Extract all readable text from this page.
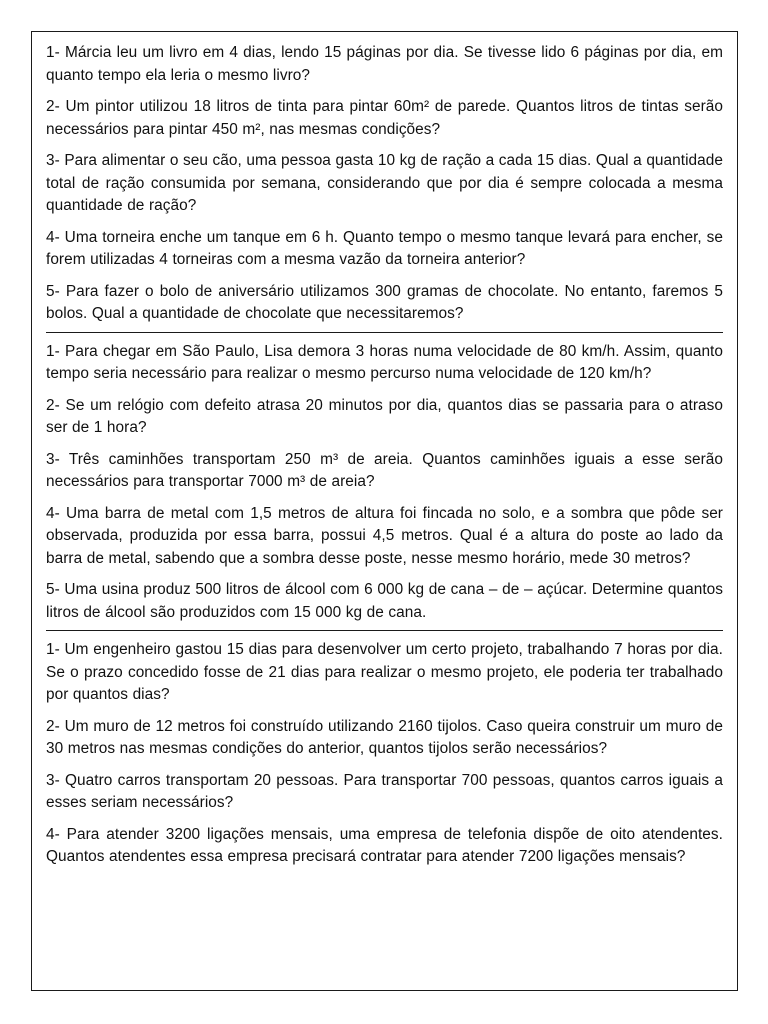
1- Márcia leu um livro em 4 dias, lendo 15 páginas por dia. Se tivesse lido 6 páginas por dia, em quanto tempo ela leria o mesmo livro?

2- Um pintor utilizou 18 litros de tinta para pintar 60m² de parede. Quantos litros de tintas serão necessários para pintar 450 m², nas mesmas condições?

3- Para alimentar o seu cão, uma pessoa gasta 10 kg de ração a cada 15 dias. Qual a quantidade total de ração consumida por semana, considerando que por dia é sempre colocada a mesma quantidade de ração?

4- Uma torneira enche um tanque em 6 h. Quanto tempo o mesmo tanque levará para encher, se forem utilizadas 4 torneiras com a mesma vazão da torneira anterior?

5- Para fazer o bolo de aniversário utilizamos 300 gramas de chocolate. No entanto, faremos 5 bolos. Qual a quantidade de chocolate que necessitaremos?

1- Para chegar em São Paulo, Lisa demora 3 horas numa velocidade de 80 km/h. Assim, quanto tempo seria necessário para realizar o mesmo percurso numa velocidade de 120 km/h?

2- Se um relógio com defeito atrasa 20 minutos por dia, quantos dias se passaria para o atraso ser de 1 hora?

3- Três caminhões transportam 250 m³ de areia. Quantos caminhões iguais a esse serão necessários para transportar 7000 m³ de areia?

4- Uma barra de metal com 1,5 metros de altura foi fincada no solo, e a sombra que pôde ser observada, produzida por essa barra, possui 4,5 metros. Qual é a altura do poste ao lado da barra de metal, sabendo que a sombra desse poste, nesse mesmo horário, mede 30 metros?

5- Uma usina produz 500 litros de álcool com 6 000 kg de cana – de – açúcar. Determine quantos litros de álcool são produzidos com 15 000 kg de cana.

1- Um engenheiro gastou 15 dias para desenvolver um certo projeto, trabalhando 7 horas por dia. Se o prazo concedido fosse de 21 dias para realizar o mesmo projeto, ele poderia ter trabalhado por quantos dias?

2- Um muro de 12 metros foi construído utilizando 2160 tijolos. Caso queira construir um muro de 30 metros nas mesmas condições do anterior, quantos tijolos serão necessários?

3- Quatro carros transportam 20 pessoas. Para transportar 700 pessoas, quantos carros iguais a esses seriam necessários?

4- Para atender 3200 ligações mensais, uma empresa de telefonia dispõe de oito atendentes. Quantos atendentes essa empresa precisará contratar para atender 7200 ligações mensais?
